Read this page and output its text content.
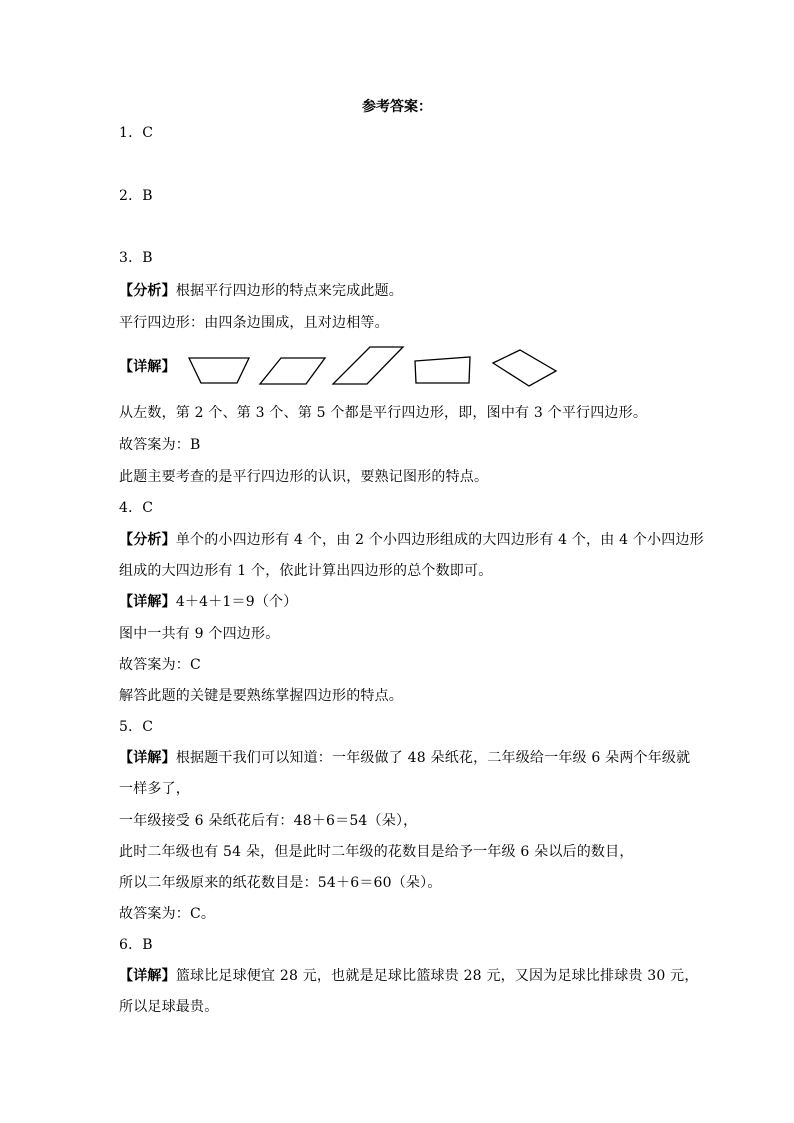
参考答案：
1．C
2．B
3．B
【分析】根据平行四边形的特点来完成此题。
平行四边形：由四条边围成，且对边相等。
【详解】
从左数，第 2 个、第 3 个、第 5 个都是平行四边形，即，图中有 3 个平行四边形。
故答案为：B
此题主要考查的是平行四边形的认识，要熟记图形的特点。
4．C
【分析】单个的小四边形有 4 个，由 2 个小四边形组成的大四边形有 4 个，由 4 个小四边形
组成的大四边形有 1 个，依此计算出四边形的总个数即可。
【详解】4＋4＋1＝9（个）
图中一共有 9 个四边形。
故答案为：C
解答此题的关键是要熟练掌握四边形的特点。
5．C
【详解】根据题干我们可以知道：一年级做了 48 朵纸花，二年级给一年级 6 朵两个年级就
一样多了，
一年级接受 6 朵纸花后有：48＋6＝54（朵），
此时二年级也有 54 朵，但是此时二年级的花数目是给予一年级 6 朵以后的数目，
所以二年级原来的纸花数目是：54＋6＝60（朵）。
故答案为：C。
6．B
【详解】篮球比足球便宜 28 元，也就是足球比篮球贵 28 元，又因为足球比排球贵 30 元，
所以足球最贵。
